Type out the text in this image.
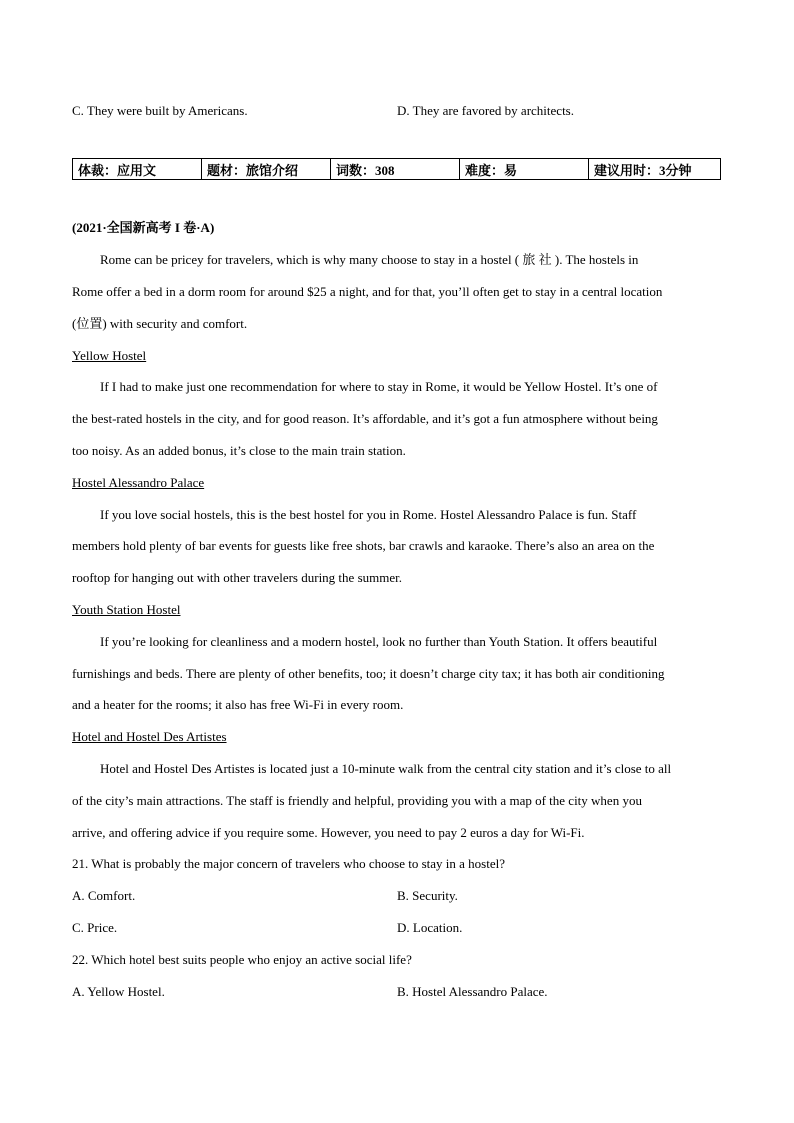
C. They were built by Americans.	D. They are favored by architects.
体裁：应用文	题材：旅馆介绍	词数：308	难度：易	建议用时：3分钟
(2021·全国新高考 I 卷·A)
Rome can be pricey for travelers, which is why many choose to stay in a hostel ( 旅 社 ). The hostels in
Rome offer a bed in a dorm room for around $25 a night, and for that, you’ll often get to stay in a central location
(位置) with security and comfort.
Yellow Hostel
If I had to make just one recommendation for where to stay in Rome, it would be Yellow Hostel. It’s one of
the best-rated hostels in the city, and for good reason. It’s affordable, and it’s got a fun atmosphere without being
too noisy. As an added bonus, it’s close to the main train station.
Hostel Alessandro Palace
If you love social hostels, this is the best hostel for you in Rome. Hostel Alessandro Palace is fun. Staff
members hold plenty of bar events for guests like free shots, bar crawls and karaoke. There’s also an area on the
rooftop for hanging out with other travelers during the summer.
Youth Station Hostel
If you’re looking for cleanliness and a modern hostel, look no further than Youth Station. It offers beautiful
furnishings and beds. There are plenty of other benefits, too; it doesn’t charge city tax; it has both air conditioning
and a heater for the rooms; it also has free Wi-Fi in every room.
Hotel and Hostel Des Artistes
Hotel and Hostel Des Artistes is located just a 10-minute walk from the central city station and it’s close to all
of the city’s main attractions. The staff is friendly and helpful, providing you with a map of the city when you
arrive, and offering advice if you require some. However, you need to pay 2 euros a day for Wi-Fi.
21. What is probably the major concern of travelers who choose to stay in a hostel?
A. Comfort.	B. Security.
C. Price.	D. Location.
22. Which hotel best suits people who enjoy an active social life?
A. Yellow Hostel.	B. Hostel Alessandro Palace.
